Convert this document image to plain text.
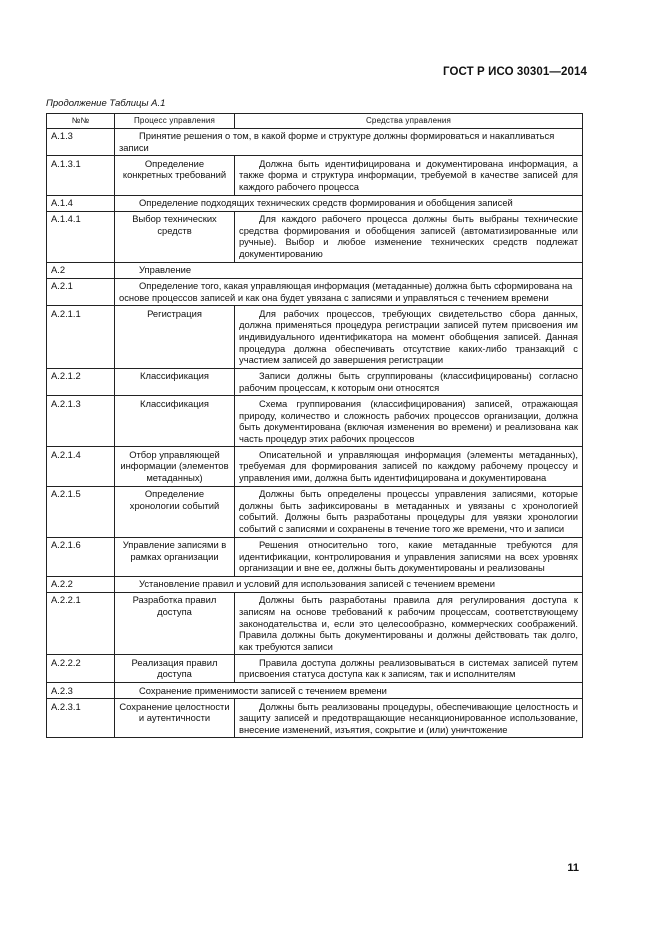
ГОСТ Р ИСО 30301—2014
Продолжение Таблицы А.1
№№	Процесс управления	Средства управления
А.1.3	Принятие решения о том, в какой форме и структуре должны формироваться и накапливаться записи	
А.1.3.1	Определение конкретных требований	Должна быть идентифицирована и документирована информация, а также форма и структура информации, требуемой в качестве записей для каждого рабочего процесса
А.1.4	Определение подходящих технических средств формирования и обобщения записей	
А.1.4.1	Выбор технических средств	Для каждого рабочего процесса должны быть выбраны технические средства формирования и обобщения записей (автоматизированные или ручные). Выбор и любое изменение технических средств подлежат документированию
А.2	Управление	
А.2.1	Определение того, какая управляющая информация (метаданные) должна быть сформирована на основе процессов записей и как она будет увязана с записями и управляться с течением времени	
А.2.1.1	Регистрация	Для рабочих процессов, требующих свидетельство сбора данных, должна применяться процедура регистрации записей путем присвоения им индивидуального идентификатора на момент обобщения записей. Данная процедура должна обеспечивать отсутствие каких-либо транзакций с участием записей до завершения регистрации
А.2.1.2	Классификация	Записи должны быть сгруппированы (классифицированы) согласно рабочим процессам, к которым они относятся
А.2.1.3	Классификация	Схема группирования (классифицирования) записей, отражающая природу, количество и сложность рабочих процессов организации, должна быть документирована (включая изменения во времени) и реализована как часть процедур этих рабочих процессов
А.2.1.4	Отбор управляющей информации (элементов метаданных)	Описательной и управляющая информация (элементы метаданных), требуемая для формирования записей по каждому рабочему процессу и управления ими, должна быть идентифицирована и документирована
А.2.1.5	Определение хронологии событий	Должны быть определены процессы управления записями, которые должны быть зафиксированы в метаданных и увязаны с хронологией событий. Должны быть разработаны процедуры для увязки хронологии событий с записями и сохранены в течение того же времени, что и записи
А.2.1.6	Управление записями в рамках организации	Решения относительно того, какие метаданные требуются для идентификации, контролирования и управления записями на всех уровнях организации и вне ее, должны быть документированы и реализованы
А.2.2	Установление правил и условий для использования записей с течением времени	
А.2.2.1	Разработка правил доступа	Должны быть разработаны правила для регулирования доступа к записям на основе требований к рабочим процессам, соответствующему законодательства и, если это целесообразно, коммерческих соображений. Правила должны быть документированы и должны действовать так долго, как требуются записи
А.2.2.2	Реализация правил доступа	Правила доступа должны реализовываться в системах записей путем присвоения статуса доступа как к записям, так и исполнителям
А.2.3	Сохранение применимости записей с течением времени	
А.2.3.1	Сохранение целостности и аутентичности	Должны быть реализованы процедуры, обеспечивающие целостность и защиту записей и предотвращающие несанкционированное использование, внесение изменений, изъятия, сокрытие и (или) уничтожение
11
